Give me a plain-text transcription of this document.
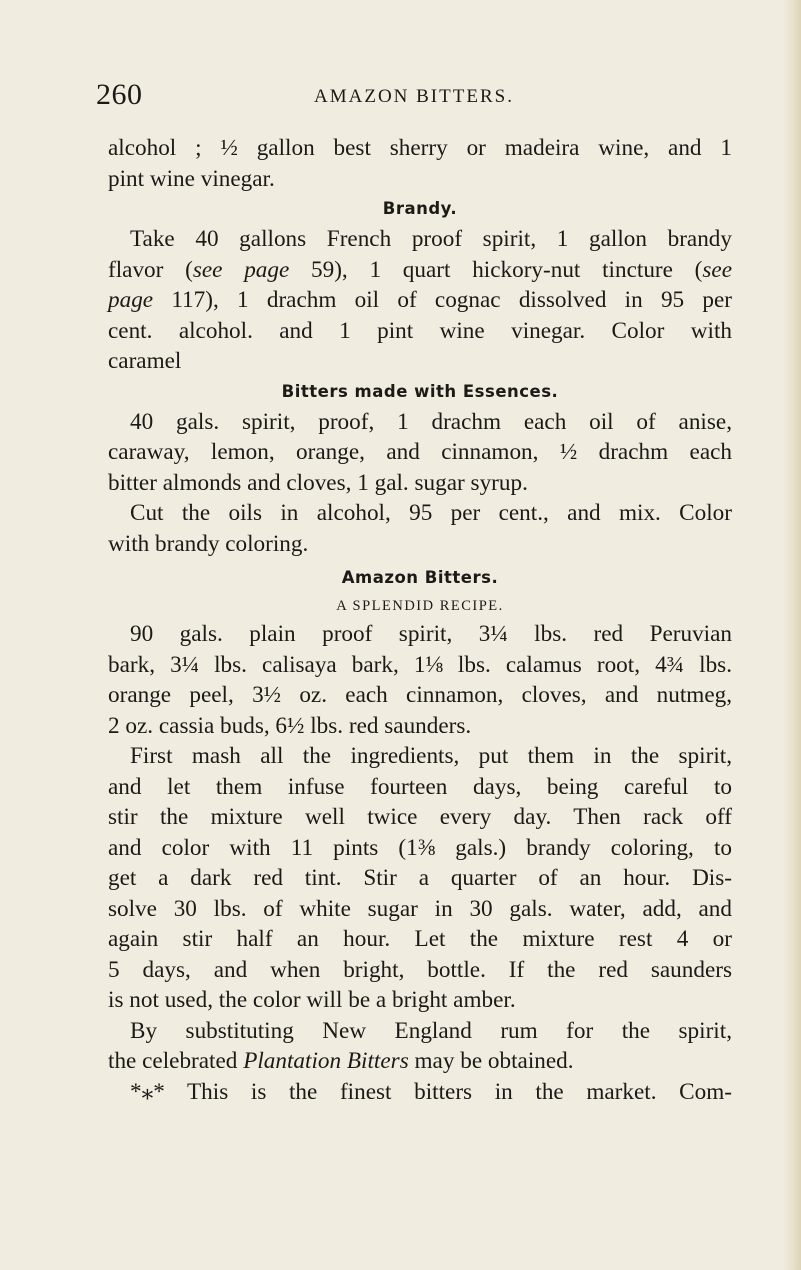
260	AMAZON BITTERS.
alcohol ; ½ gallon best sherry or madeira wine, and 1
pint wine vinegar.
Brandy.
Take 40 gallons French proof spirit, 1 gallon brandy
flavor (see page 59), 1 quart hickory-nut tincture (see
page 117), 1 drachm oil of cognac dissolved in 95 per
cent. alcohol. and 1 pint wine vinegar. Color with
caramel
Bitters made with Essences.
40 gals. spirit, proof, 1 drachm each oil of anise,
caraway, lemon, orange, and cinnamon, ½ drachm each
bitter almonds and cloves, 1 gal. sugar syrup.
Cut the oils in alcohol, 95 per cent., and mix. Color
with brandy coloring.
Amazon Bitters.
A SPLENDID RECIPE.
90 gals. plain proof spirit, 3¼ lbs. red Peruvian
bark, 3¼ lbs. calisaya bark, 1⅛ lbs. calamus root, 4¾ lbs.
orange peel, 3½ oz. each cinnamon, cloves, and nutmeg,
2 oz. cassia buds, 6½ lbs. red saunders.
First mash all the ingredients, put them in the spirit,
and let them infuse fourteen days, being careful to
stir the mixture well twice every day. Then rack off
and color with 11 pints (1⅜ gals.) brandy coloring, to
get a dark red tint. Stir a quarter of an hour. Dis-
solve 30 lbs. of white sugar in 30 gals. water, add, and
again stir half an hour. Let the mixture rest 4 or
5 days, and when bright, bottle. If the red saunders
is not used, the color will be a bright amber.
By substituting New England rum for the spirit,
the celebrated Plantation Bitters may be obtained.
*⁎* This is the finest bitters in the market. Com-
